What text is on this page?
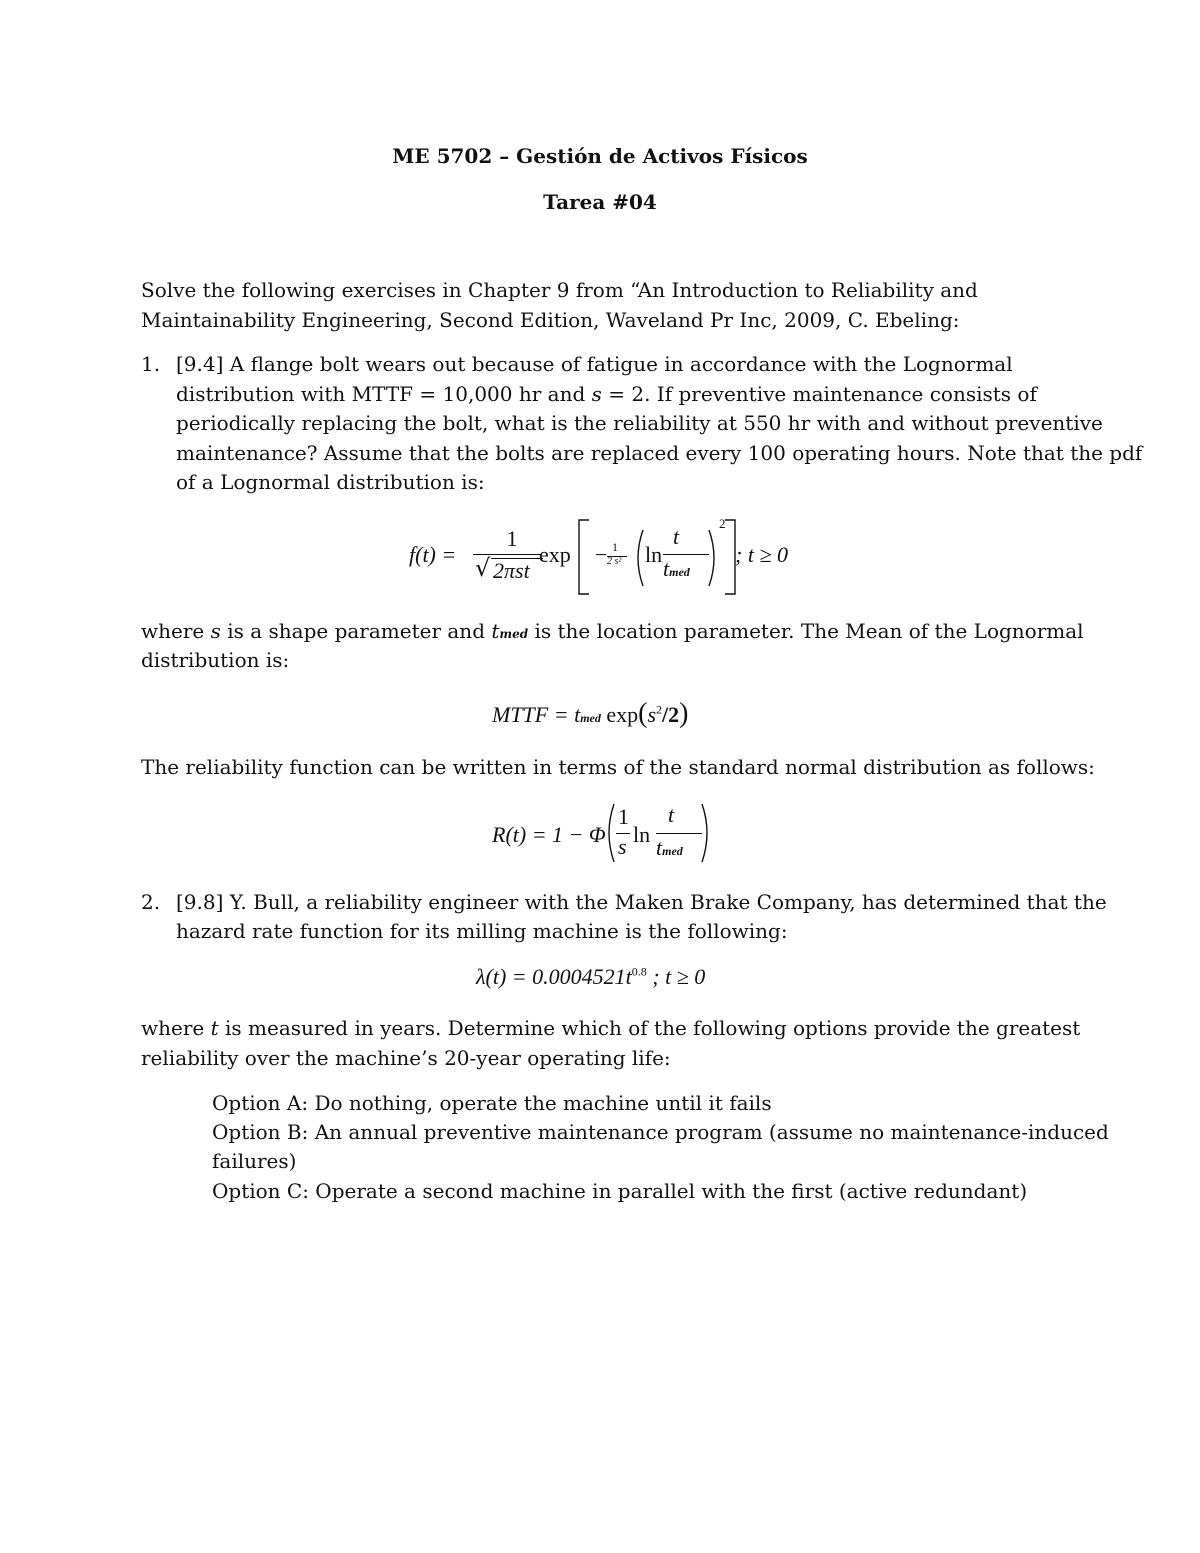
ME 5702 – Gestión de Activos Físicos
Tarea #04
Solve the following exercises in Chapter 9 from “An Introduction to Reliability and
Maintainability Engineering, Second Edition, Waveland Pr Inc, 2009, C. Ebeling:
1. [9.4] A flange bolt wears out because of fatigue in accordance with the Lognormal
distribution with MTTF = 10,000 hr and s = 2. If preventive maintenance consists of
periodically replacing the bolt, what is the reliability at 550 hr with and without preventive
maintenance? Assume that the bolts are replaced every 100 operating hours. Note that the pdf
of a Lognormal distribution is:
f(t) =
1
√ 2πst
exp − 1
2 s² ln
t
tmed
2
; t ≥ 0
where s is a shape parameter and tmed is the location parameter. The Mean of the Lognormal
distribution is:
MTTF = tmed $\exp(s^2/2)$
The reliability function can be written in terms of the standard normal distribution as follows:
R(t) = 1 − Φ
1
s ln
t
tmed
2. [9.8] Y. Bull, a reliability engineer with the Maken Brake Company, has determined that the
hazard rate function for its milling machine is the following:
$\lambda(t) = 0.0004521t^{0.8}$ ; t ≥ 0
where t is measured in years. Determine which of the following options provide the greatest
reliability over the machine’s 20-year operating life:
Option A: Do nothing, operate the machine until it fails
Option B: An annual preventive maintenance program (assume no maintenance-induced
failures)
Option C: Operate a second machine in parallel with the first (active redundant)
